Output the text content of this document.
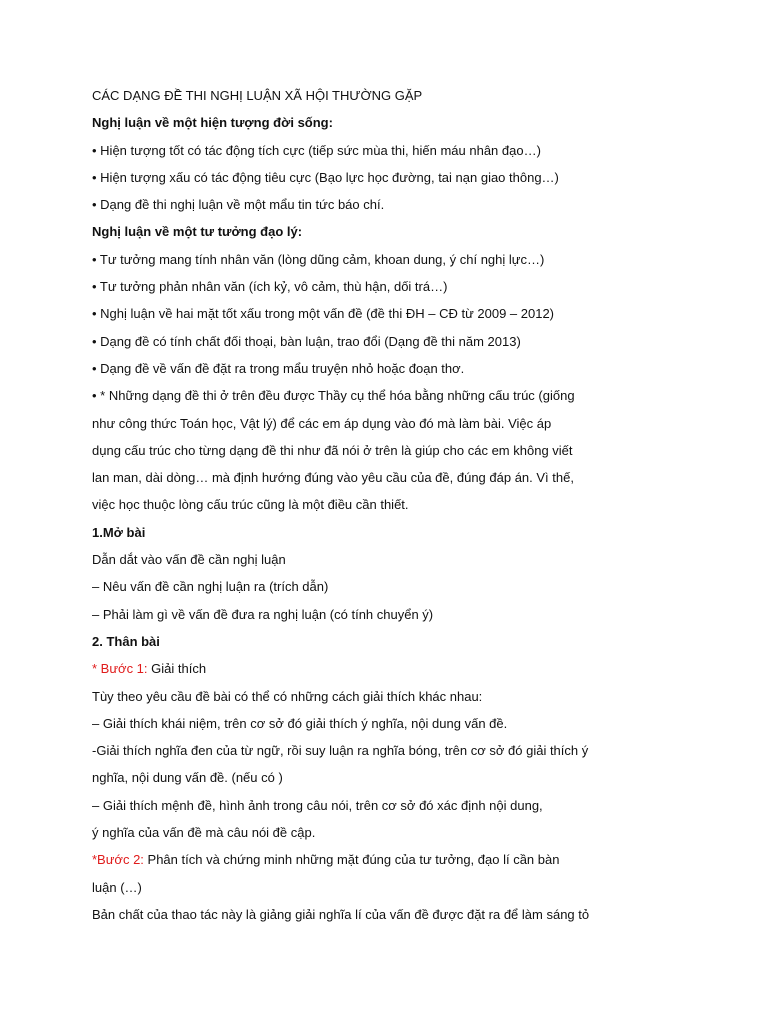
CÁC DẠNG ĐỀ THI NGHỊ LUẬN XÃ HỘI THƯỜNG GẶP
Nghị luận về một hiện tượng đời sống:
• Hiện tượng tốt có tác động tích cực (tiếp sức mùa thi, hiến máu nhân đạo…)
• Hiện tượng xấu có tác động tiêu cực (Bạo lực học đường, tai nạn giao thông…)
• Dạng đề thi nghị luận về một mẩu tin tức báo chí.
Nghị luận về một tư tưởng đạo lý:
• Tư tưởng mang tính nhân văn (lòng dũng cảm, khoan dung, ý chí nghị lực…)
• Tư tưởng phản nhân văn (ích kỷ, vô cảm, thù hận, dối trá…)
• Nghị luận về hai mặt tốt xấu trong một vấn đề (đề thi ĐH – CĐ từ 2009 – 2012)
• Dạng đề có tính chất đối thoại, bàn luận, trao đổi (Dạng đề thi năm 2013)
• Dạng đề về vấn đề đặt ra trong mẩu truyện nhỏ hoặc đoạn thơ.
• * Những dạng đề thi ở trên đều được Thầy cụ thể hóa bằng những cấu trúc (giống
như công thức Toán học, Vật lý) để các em áp dụng vào đó mà làm bài. Việc áp
dụng cấu trúc cho từng dạng đề thi như đã nói ở trên là giúp cho các em không viết
lan man, dài dòng… mà định hướng đúng vào yêu cầu của đề, đúng đáp án. Vì thế,
việc học thuộc lòng cấu trúc cũng là một điều cần thiết.
1.Mở bài
Dẫn dắt vào vấn đề cần nghị luận
– Nêu vấn đề cần nghị luận ra (trích dẫn)
– Phải làm gì về vấn đề đưa ra nghị luận (có tính chuyển ý)
2. Thân bài
* Bước 1: Giải thích
Tùy theo yêu cầu đề bài có thể có những cách giải thích khác nhau:
– Giải thích khái niệm, trên cơ sở đó giải thích ý nghĩa, nội dung vấn đề.
-Giải thích nghĩa đen của từ ngữ, rồi suy luận ra nghĩa bóng, trên cơ sở đó giải thích ý
nghĩa, nội dung vấn đề. (nếu có )
– Giải thích mệnh đề, hình ảnh trong câu nói, trên cơ sở đó xác định nội dung,
ý nghĩa của vấn đề mà câu nói đề cập.
*Bước 2: Phân tích và chứng minh những mặt đúng của tư tưởng, đạo lí cần bàn
luận (…)
Bản chất của thao tác này là giảng giải nghĩa lí của vấn đề được đặt ra để làm sáng tỏ
